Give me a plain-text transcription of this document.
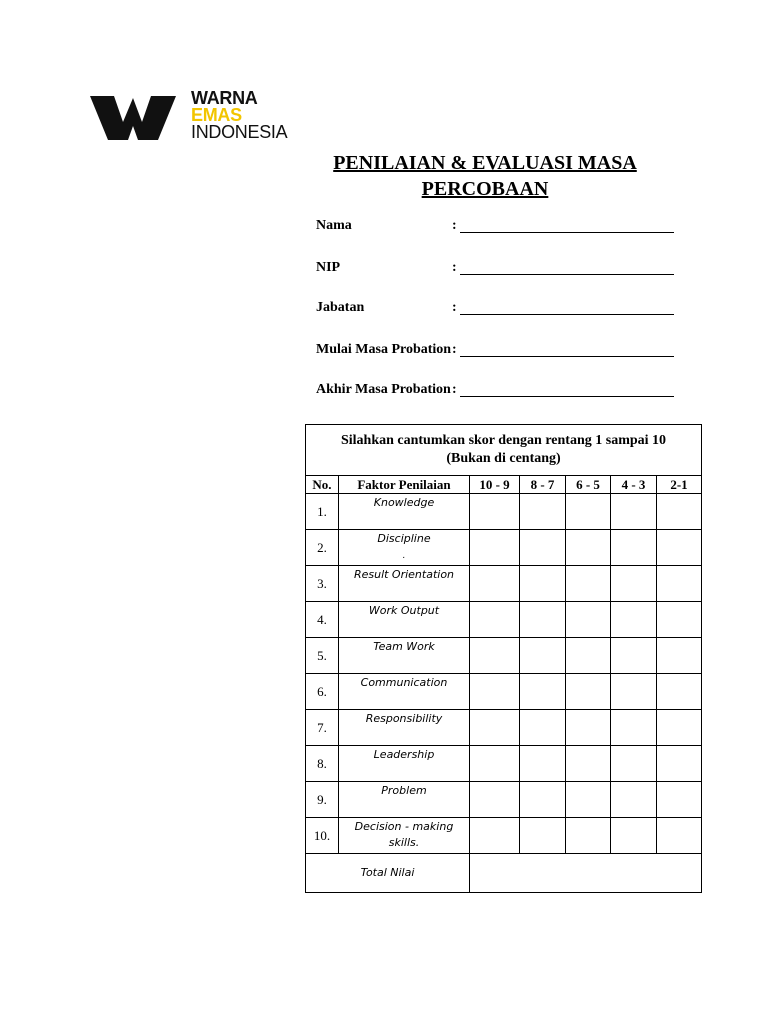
WARNA
EMAS
INDONESIA
PENILAIAN & EVALUASI MASA
PERCOBAAN
Nama	:
NIP	:
Jabatan	:
Mulai Masa Probation :
Akhir Masa Probation :
Silahkan cantumkan skor dengan rentang 1 sampai 10
(Bukan di centang)						
No.	Faktor Penilaian	10 - 9	8 - 7	6 - 5	4 - 3	2-1
1.	Knowledge					
2.	Discipline
.					
3.	Result Orientation					
4.	Work Output					
5.	Team Work					
6.	Communication					
7.	Responsibility					
8.	Leadership					
9.	Problem					
10.	Decision - making
skills.					
Total Nilai						
